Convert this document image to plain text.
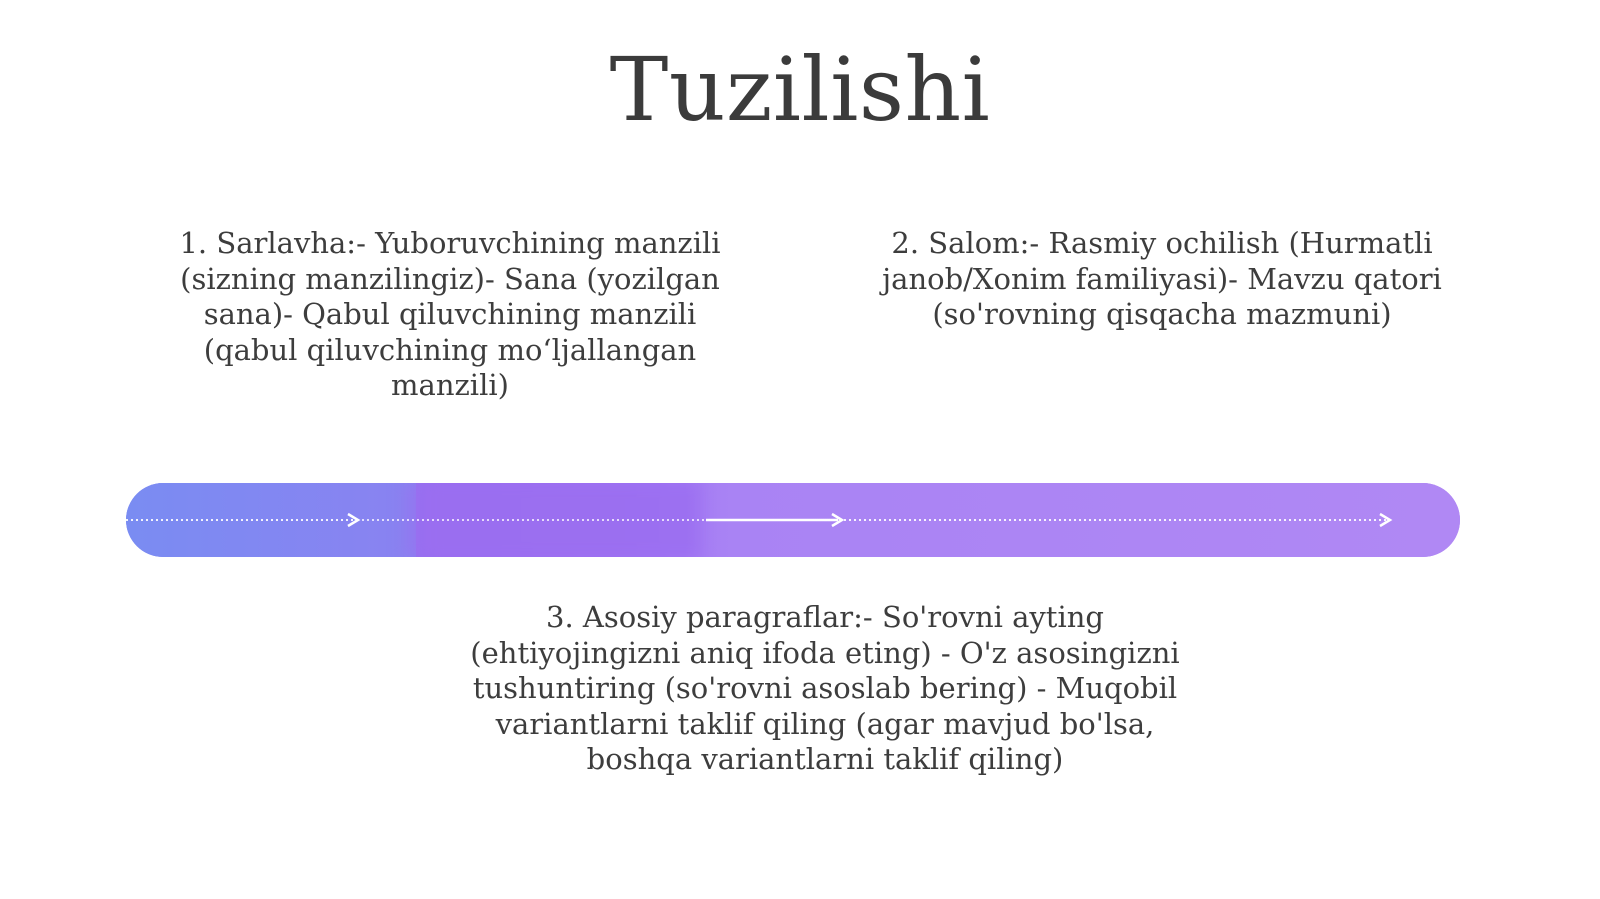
Tuzilishi
1. Sarlavha:- Yuboruvchining manzili (sizning manzilingiz)- Sana (yozilgan sana)- Qabul qiluvchining manzili (qabul qiluvchining mo‘ljallangan manzili)
2. Salom:- Rasmiy ochilish (Hurmatli janob/Xonim familiyasi)- Mavzu qatori (so'rovning qisqacha mazmuni)
3. Asosiy paragraflar:- So'rovni ayting (ehtiyojingizni aniq ifoda eting) - O'z asosingizni tushuntiring (so'rovni asoslab bering) - Muqobil variantlarni taklif qiling (agar mavjud bo'lsa, boshqa variantlarni taklif qiling)
